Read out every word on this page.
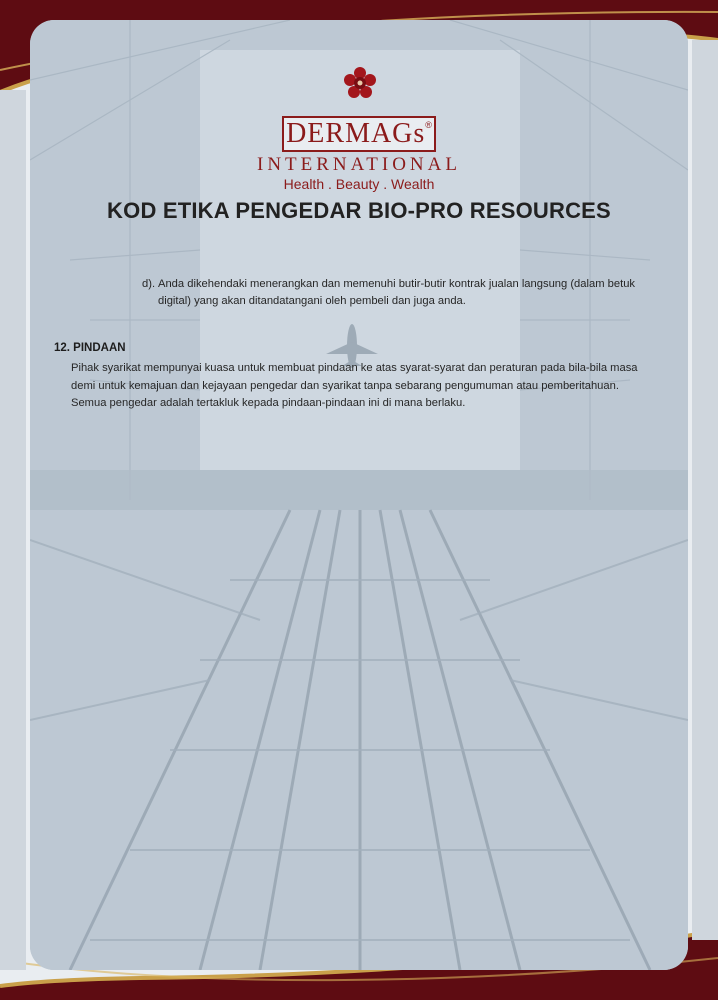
DERMAGs®
INTERNATIONAL
Health . Beauty . Wealth
KOD ETIKA PENGEDAR BIO-PRO RESOURCES
d). Anda dikehendaki menerangkan dan memenuhi butir-butir kontrak jualan langsung (dalam betuk digital) yang akan ditandatangani oleh pembeli dan juga anda.
12. PINDAAN
Pihak syarikat mempunyai kuasa untuk membuat pindaan ke atas syarat-syarat dan peraturan pada bila-bila masa demi untuk kemajuan dan kejayaan pengedar dan syarikat tanpa sebarang pengumuman atau pemberitahuan. Semua pengedar adalah tertakluk kepada pindaan-pindaan ini di mana berlaku.
